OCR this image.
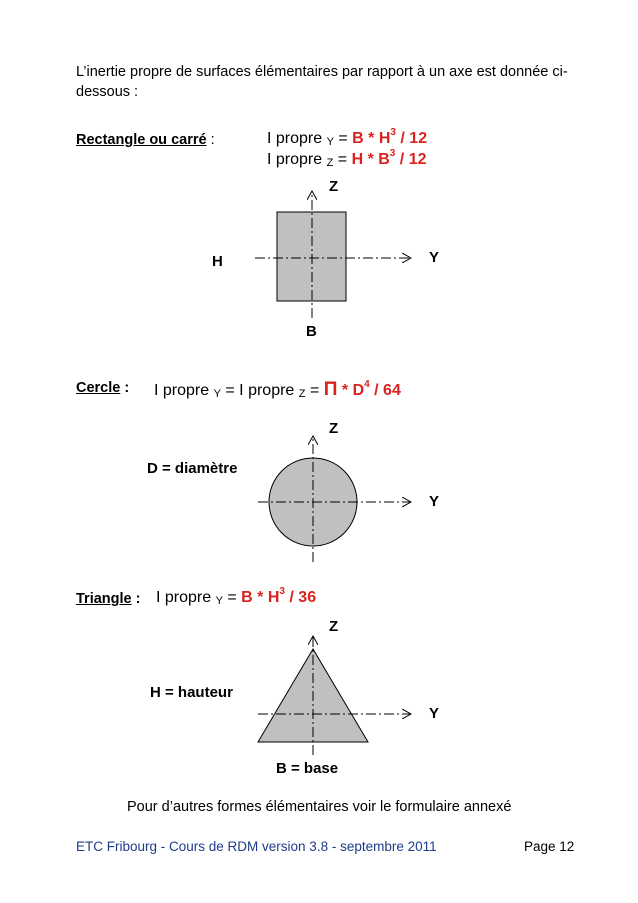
L’inertie propre de surfaces élémentaires par rapport à un axe est donnée ci-dessous :
Rectangle ou carré :	I propre $Y = B * H^3 / 12$
I propre $Z = H * B^3 / 12$
Z
Y
H
B
Cercle : I propre Y = I propre $Z = \Pi * D^4 / 64$
Z
Y
D = diamètre
Triangle : I propre $Y = B * H^3 / 36$
Z
Y
H = hauteur
B = base
Pour d’autres formes élémentaires voir le formulaire annexé
ETC Fribourg - Cours de RDM version 3.8 - septembre 2011	Page 12
